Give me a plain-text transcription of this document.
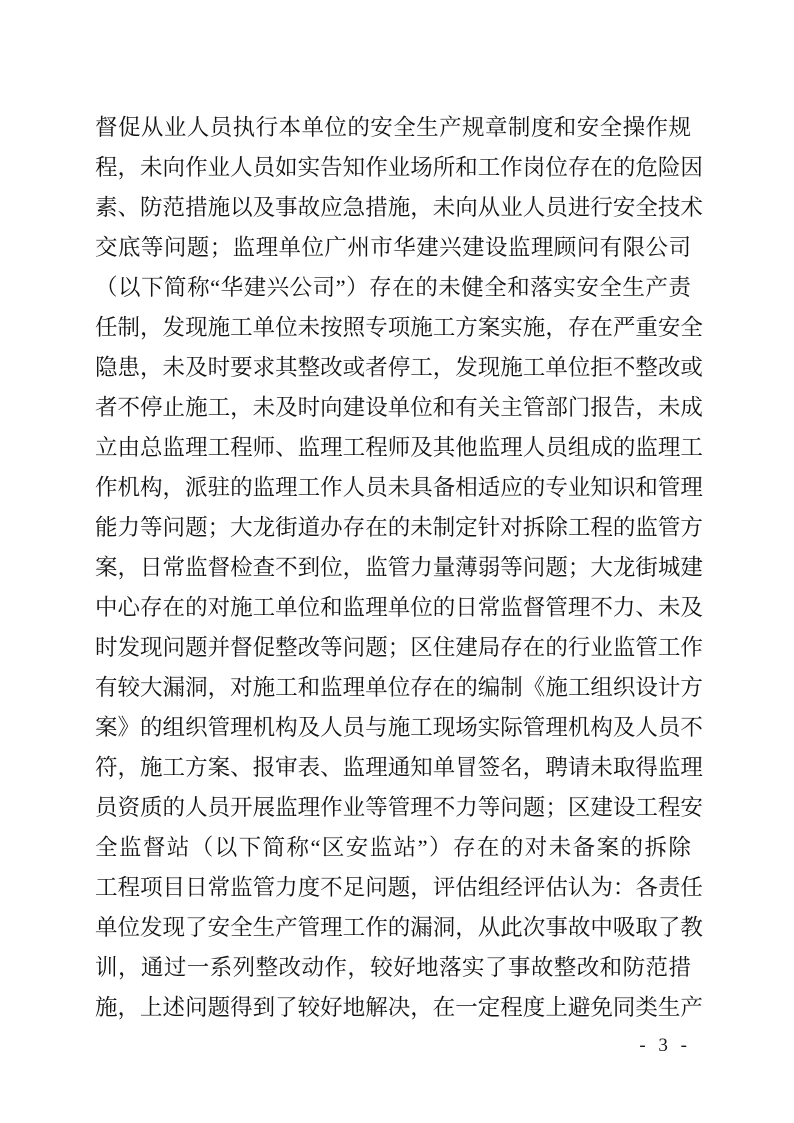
督 促 从 业 人 员 执 行 本 单 位 的 安 全 生 产 规 章 制 度 和 安 全 操 作 规
程 ， 未 向 作 业 人 员 如 实 告 知 作 业 场 所 和 工 作 岗 位 存 在 的 危 险 因
素 、 防 范 措 施 以 及 事 故 应 急 措 施 ， 未 向 从 业 人 员 进 行 安 全 技 术
交 底 等 问 题 ； 监 理 单 位 广 州 市 华 建 兴 建 设 监 理 顾 问 有 限 公 司
（ 以 下 简 称 “ 华 建 兴 公 司 ” ） 存 在 的 未 健 全 和 落 实 安 全 生 产 责
任 制 ， 发 现 施 工 单 位 未 按 照 专 项 施 工 方 案 实 施 ， 存 在 严 重 安 全
隐 患 ， 未 及 时 要 求 其 整 改 或 者 停 工 ， 发 现 施 工 单 位 拒 不 整 改 或
者 不 停 止 施 工 ， 未 及 时 向 建 设 单 位 和 有 关 主 管 部 门 报 告 ， 未 成
立 由 总 监 理 工 程 师 、 监 理 工 程 师 及 其 他 监 理 人 员 组 成 的 监 理 工
作 机 构 ， 派 驻 的 监 理 工 作 人 员 未 具 备 相 适 应 的 专 业 知 识 和 管 理
能 力 等 问 题 ； 大 龙 街 道 办 存 在 的 未 制 定 针 对 拆 除 工 程 的 监 管 方
案 ， 日 常 监 督 检 查 不 到 位 ， 监 管 力 量 薄 弱 等 问 题 ； 大 龙 街 城 建
中 心 存 在 的 对 施 工 单 位 和 监 理 单 位 的 日 常 监 督 管 理 不 力 、 未 及
时 发 现 问 题 并 督 促 整 改 等 问 题 ； 区 住 建 局 存 在 的 行 业 监 管 工 作
有 较 大 漏 洞 ， 对 施 工 和 监 理 单 位 存 在 的 编 制 《 施 工 组 织 设 计 方
案 》 的 组 织 管 理 机 构 及 人 员 与 施 工 现 场 实 际 管 理 机 构 及 人 员 不
符 ， 施 工 方 案 、 报 审 表 、 监 理 通 知 单 冒 签 名 ， 聘 请 未 取 得 监 理
员 资 质 的 人 员 开 展 监 理 作 业 等 管 理 不 力 等 问 题 ； 区 建 设 工 程 安
全 监 督 站 （ 以 下 简 称 “ 区 安 监 站 ” ） 存 在 的 对 未 备 案 的 拆 除
工 程 项 目 日 常 监 管 力 度 不 足 问 题 ， 评 估 组 经 评 估 认 为 ： 各 责 任
单 位 发 现 了 安 全 生 产 管 理 工 作 的 漏 洞 ， 从 此 次 事 故 中 吸 取 了 教
训 ， 通 过 一 系 列 整 改 动 作 ， 较 好 地 落 实 了 事 故 整 改 和 防 范 措
施 ， 上 述 问 题 得 到 了 较 好 地 解 决 ， 在 一 定 程 度 上 避 免 同 类 生 产
- 3 -
